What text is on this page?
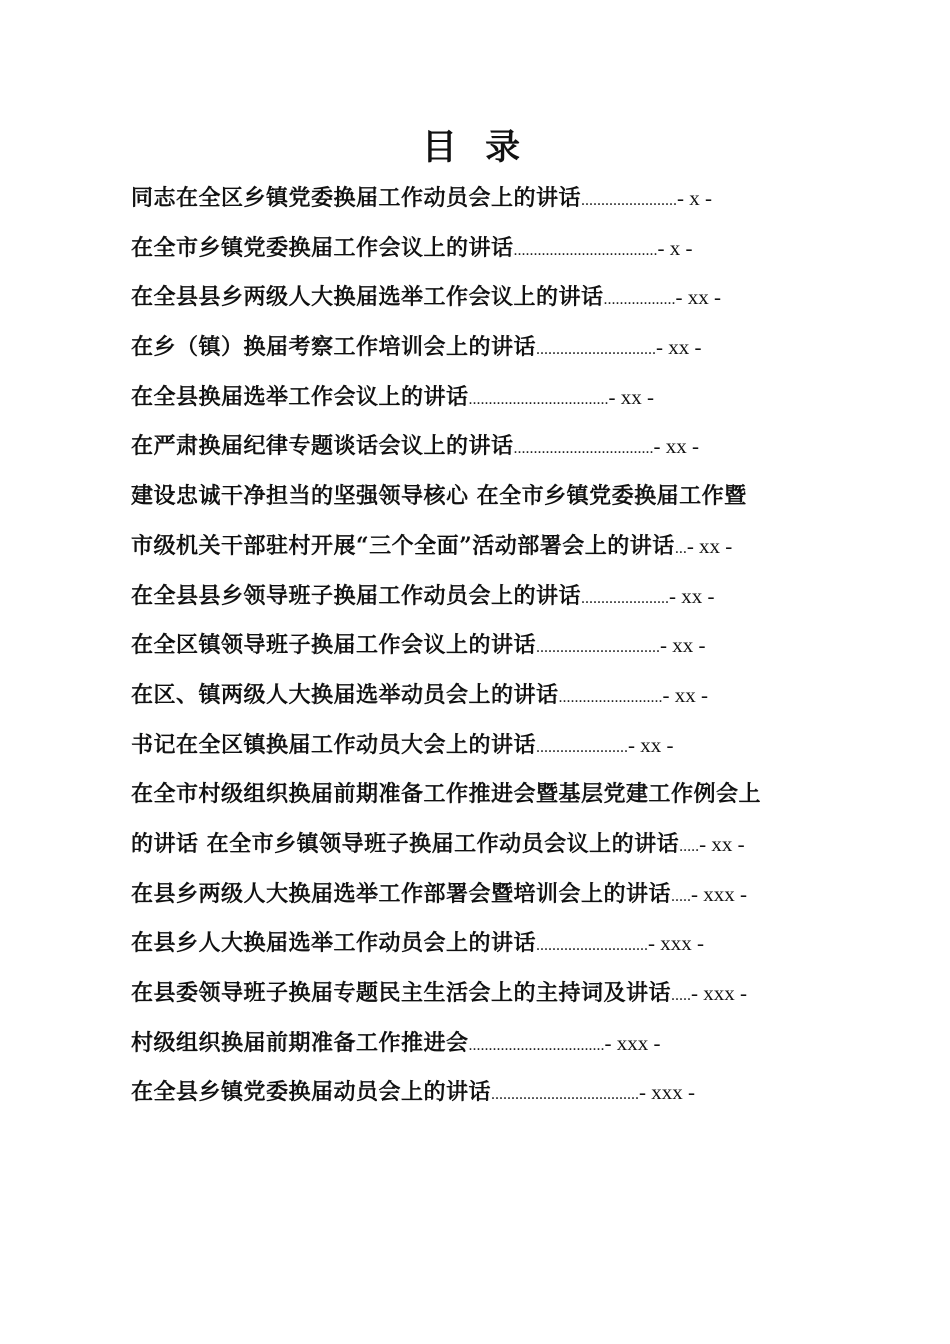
目 录
同志在全区乡镇党委换届工作动员会上的讲话 ........................ - x -
在全市乡镇党委换届工作会议上的讲话 .................................... - x -
在全县县乡两级人大换届选举工作会议上的讲话 .................. - xx -
在乡（镇）换届考察工作培训会上的讲话 .............................. - xx -
在全县换届选举工作会议上的讲话 ................................... - xx -
在严肃换届纪律专题谈话会议上的讲话 ................................... - xx -
建设忠诚干净担当的坚强领导核心 在全市乡镇党委换届工作暨
市级机关干部驻村开展“三个全面”活动部署会上的讲话 ... - xx -
在全县县乡领导班子换届工作动员会上的讲话 ...................... - xx -
在全区镇领导班子换届工作会议上的讲话 ............................... - xx -
在区、镇两级人大换届选举动员会上的讲话 .......................... - xx -
书记在全区镇换届工作动员大会上的讲话 ....................... - xx -
在全市村级组织换届前期准备工作推进会暨基层党建工作例会上
的讲话 在全市乡镇领导班子换届工作动员会议上的讲话 ..... - xx -
在县乡两级人大换届选举工作部署会暨培训会上的讲话 ..... - xxx -
在县乡人大换届选举工作动员会上的讲话 ............................ - xxx -
在县委领导班子换届专题民主生活会上的主持词及讲话 ..... - xxx -
村级组织换届前期准备工作推进会 .................................. - xxx -
在全县乡镇党委换届动员会上的讲话 ..................................... - xxx -
